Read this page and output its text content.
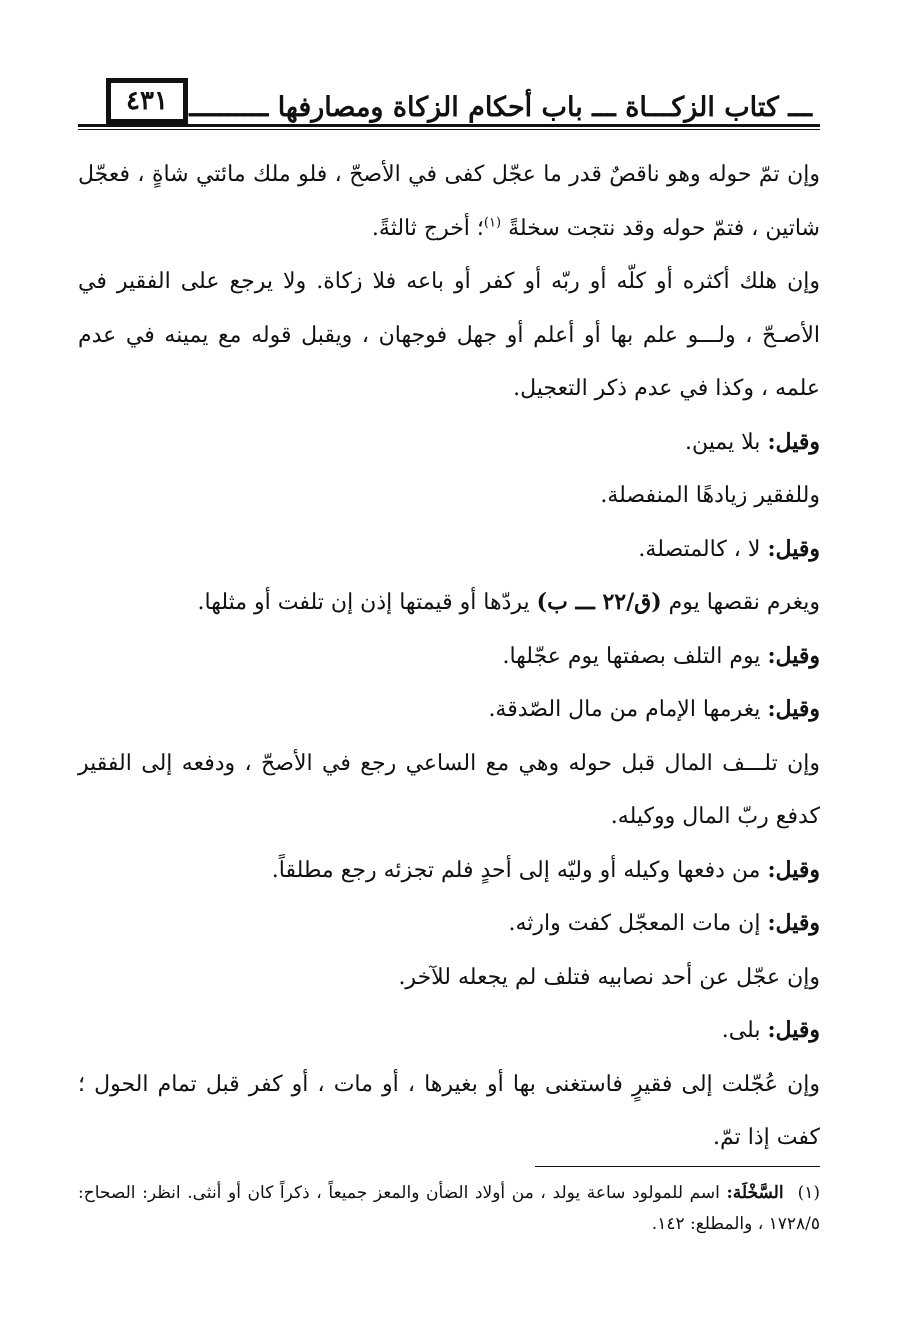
٤٣١ ـــ كتاب الزكـــاة ـــ باب أحكام الزكاة ومصارفها ــــــــــ

وإن تمّ حوله وهو ناقصٌ قدر ما عجّل كفى في الأصحّ ، فلو ملك مائتي شاةٍ ، فعجّل شاتين ، فتمّ حوله وقد نتجت سخلةً $^{(١)}$؛ أخرج ثالثةً.

وإن هلك أكثره أو كلّه أو ربّه أو كفر أو باعه فلا زكاة. ولا يرجع على الفقير في الأصـحّ ، ولـــو علم بها أو أعلم أو جهل فوجهان ، ويقبل قوله مع يمينه في عدم علمه ، وكذا في عدم ذكر التعجيل.

وقيل: بلا يمين.

وللفقير زيادهًا المنفصلة.

وقيل: لا ، كالمتصلة.

ويغرم نقصها يوم (ق/٢٢ ـــ ب) يردّها أو قيمتها إذن إن تلفت أو مثلها.

وقيل: يوم التلف بصفتها يوم عجّلها.

وقيل: يغرمها الإمام من مال الصّدقة.

وإن تلـــف المال قبل حوله وهي مع الساعي رجع في الأصحّ ، ودفعه إلى الفقير كدفع ربّ المال ووكيله.

وقيل: من دفعها وكيله أو وليّه إلى أحدٍ فلم تجزئه رجع مطلقاً.

وقيل: إن مات المعجّل كفت وارثه.

وإن عجّل عن أحد نصابيه فتلف لم يجعله للآخر.

وقيل: بلى.

وإن عُجّلت إلى فقيرٍ فاستغنى بها أو بغيرها ، أو مات ، أو كفر قبل تمام الحول ؛ كفت إذا تمّ.

(١)السَّخْلَة: اسم للمولود ساعة يولد ، من أولاد الضأن والمعز جميعاً ، ذكراً كان أو أنثى. انظر: الصحاح: ١٧٢٨/٥ ، والمطلع: ١٤٢.
